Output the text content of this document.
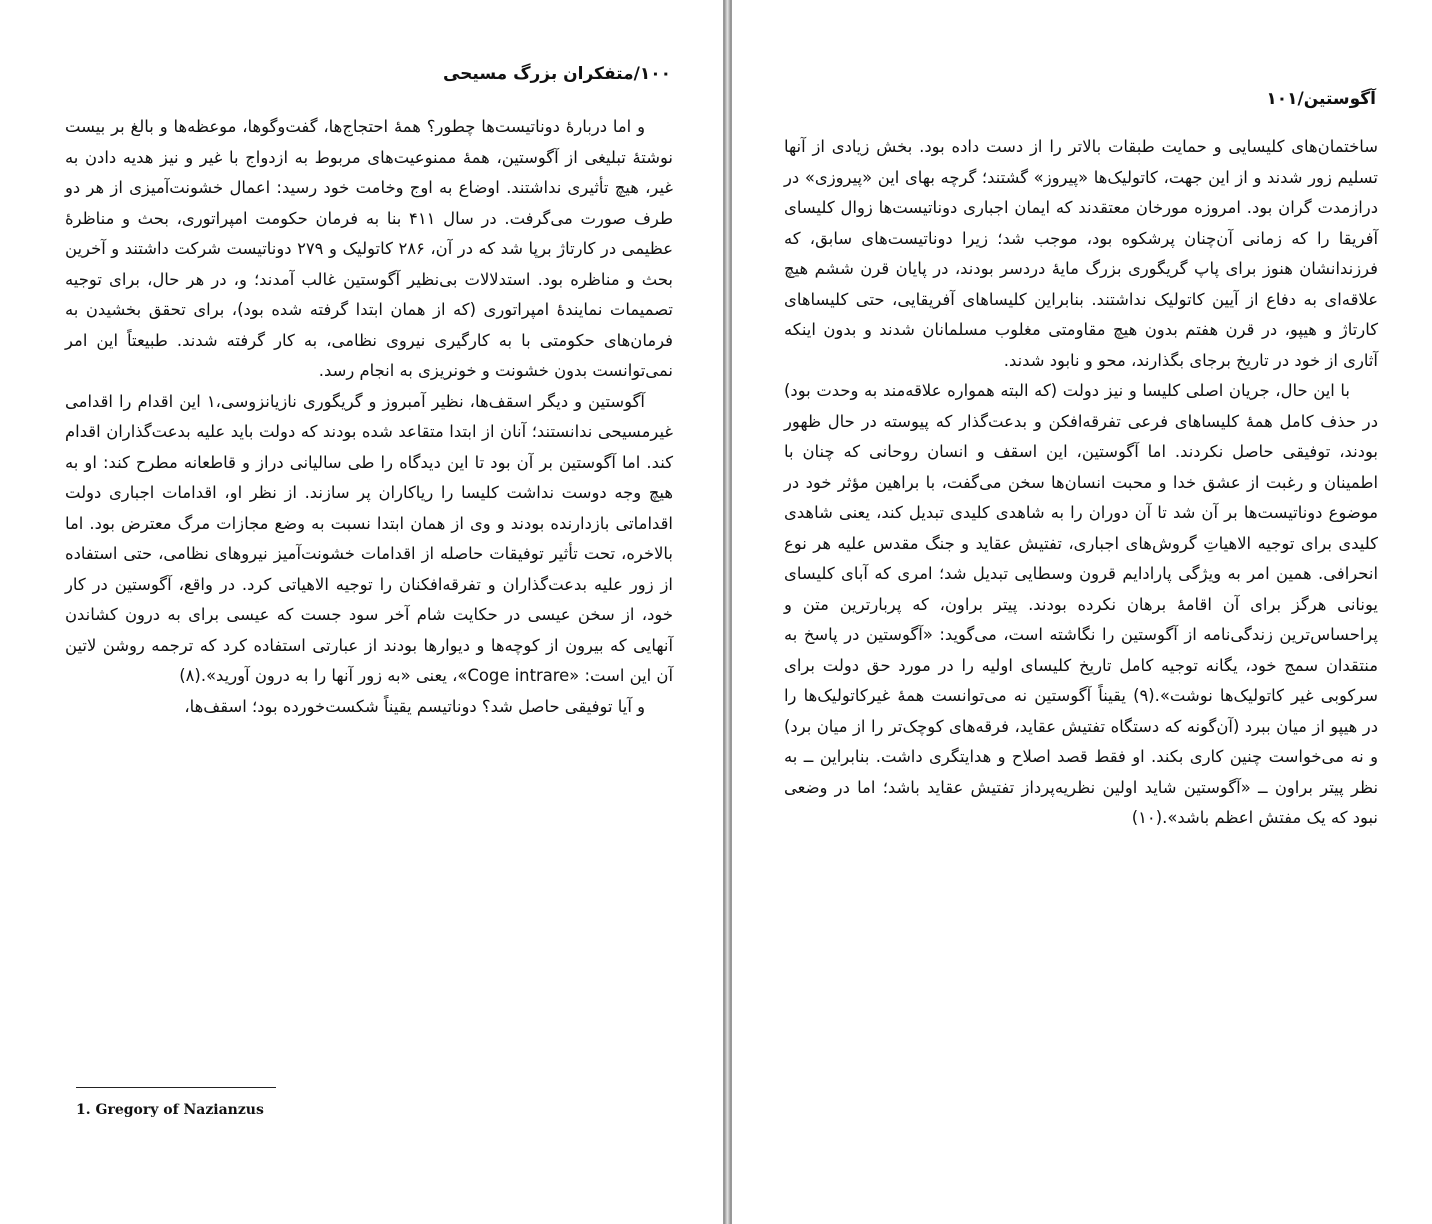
۱۰۰/متفکران بزرگ مسیحی

و اما دربارهٔ دوناتیست‌ها چطور؟ همهٔ احتجاج‌ها، گفت‌وگوها، موعظه‌ها و بالغ بر بیست نوشتهٔ تبلیغی از آگوستین، همهٔ ممنوعیت‌های مربوط به ازدواج با غیر و نیز هدیه دادن به غیر، هیچ تأثیری نداشتند. اوضاع به اوج وخامت خود رسید: اعمال خشونت‌آمیزی از هر دو طرف صورت می‌گرفت. در سال ۴۱۱ بنا به فرمان حکومت امپراتوری، بحث و مناظرهٔ عظیمی در کارتاژ برپا شد که در آن، ۲۸۶ کاتولیک و ۲۷۹ دوناتیست شرکت داشتند و آخرین بحث و مناظره بود. استدلالات بی‌نظیر آگوستین غالب آمدند؛ و، در هر حال، برای توجیه تصمیمات نمایندهٔ امپراتوری (که از همان ابتدا گرفته شده بود)، برای تحقق بخشیدن به فرمان‌های حکومتی با به کارگیری نیروی نظامی، به کار گرفته شدند. طبیعتاً این امر نمی‌توانست بدون خشونت و خونریزی به انجام رسد.

آگوستین و دیگر اسقف‌ها، نظیر آمبروز و گریگوری نازیانزوسی،۱ این اقدام را اقدامی غیرمسیحی ندانستند؛ آنان از ابتدا متقاعد شده بودند که دولت باید علیه بدعت‌گذاران اقدام کند. اما آگوستین بر آن بود تا این دیدگاه را طی سالیانی دراز و قاطعانه مطرح کند: او به هیچ وجه دوست نداشت کلیسا را ریاکاران پر سازند. از نظر او، اقدامات اجباری دولت اقداماتی بازدارنده بودند و وی از همان ابتدا نسبت به وضع مجازات مرگ معترض بود. اما بالاخره، تحت تأثیر توفیقات حاصله از اقدامات خشونت‌آمیز نیروهای نظامی، حتی استفاده از زور علیه بدعت‌گذاران و تفرقه‌افکنان را توجیه الاهیاتی کرد. در واقع، آگوستین در کار خود، از سخن عیسی در حکایت شام آخر سود جست که عیسی برای به درون کشاندن آنهایی که بیرون از کوچه‌ها و دیوارها بودند از عبارتی استفاده کرد که ترجمه روشن لاتین آن این است: «Coge intrare»، یعنی «به زور آنها را به درون آورید».(۸)

و آیا توفیقی حاصل شد؟ دوناتیسم یقیناً شکست‌خورده بود؛ اسقف‌ها،

1. Gregory of Nazianzus
آگوستین/۱۰۱

ساختمان‌های کلیسایی و حمایت طبقات بالاتر را از دست داده بود. بخش زیادی از آنها تسلیم زور شدند و از این جهت، کاتولیک‌ها «پیروز» گشتند؛ گرچه بهای این «پیروزی» در درازمدت گران بود. امروزه مورخان معتقدند که ایمان اجباری دوناتیست‌ها زوال کلیسای آفریقا را که زمانی آن‌چنان پرشکوه بود، موجب شد؛ زیرا دوناتیست‌های سابق، که فرزندانشان هنوز برای پاپ گریگوری بزرگ مایهٔ دردسر بودند، در پایان قرن ششم هیچ علاقه‌ای به دفاع از آیین کاتولیک نداشتند. بنابراین کلیساهای آفریقایی، حتی کلیساهای کارتاژ و هیپو، در قرن هفتم بدون هیچ مقاومتی مغلوب مسلمانان شدند و بدون اینکه آثاری از خود در تاریخ برجای بگذارند، محو و نابود شدند.

با این حال، جریان اصلی کلیسا و نیز دولت (که البته همواره علاقه‌مند به وحدت بود) در حذف کامل همهٔ کلیساهای فرعی تفرقه‌افکن و بدعت‌گذار که پیوسته در حال ظهور بودند، توفیقی حاصل نکردند. اما آگوستین، این اسقف و انسان روحانی که چنان با اطمینان و رغبت از عشق خدا و محبت انسان‌ها سخن می‌گفت، با براهین مؤثر خود در موضوع دوناتیست‌ها بر آن شد تا آن دوران را به شاهدی کلیدی تبدیل کند، یعنی شاهدی کلیدی برای توجیه الاهیاتِ گروش‌های اجباری، تفتیش عقاید و جنگ مقدس علیه هر نوع انحرافی. همین امر به ویژگی پارادایم قرون وسطایی تبدیل شد؛ امری که آبای کلیسای یونانی هرگز برای آن اقامهٔ برهان نکرده بودند. پیتر براون، که پربارترین متن و پراحساس‌ترین زندگی‌نامه از آگوستین را نگاشته است، می‌گوید: «آگوستین در پاسخ به منتقدان سمج خود، یگانه توجیه کامل تاریخ کلیسای اولیه را در مورد حق دولت برای سرکوبی غیر کاتولیک‌ها نوشت».(۹) یقیناً آگوستین نه می‌توانست همهٔ غیرکاتولیک‌ها را در هیپو از میان ببرد (آن‌گونه که دستگاه تفتیش عقاید، فرقه‌های کوچک‌تر را از میان برد) و نه می‌خواست چنین کاری بکند. او فقط قصد اصلاح و هدایتگری داشت. بنابراین ــ به نظر پیتر براون ــ «آگوستین شاید اولین نظریه‌پرداز تفتیش عقاید باشد؛ اما در وضعی نبود که یک مفتش اعظم باشد».(۱۰)
